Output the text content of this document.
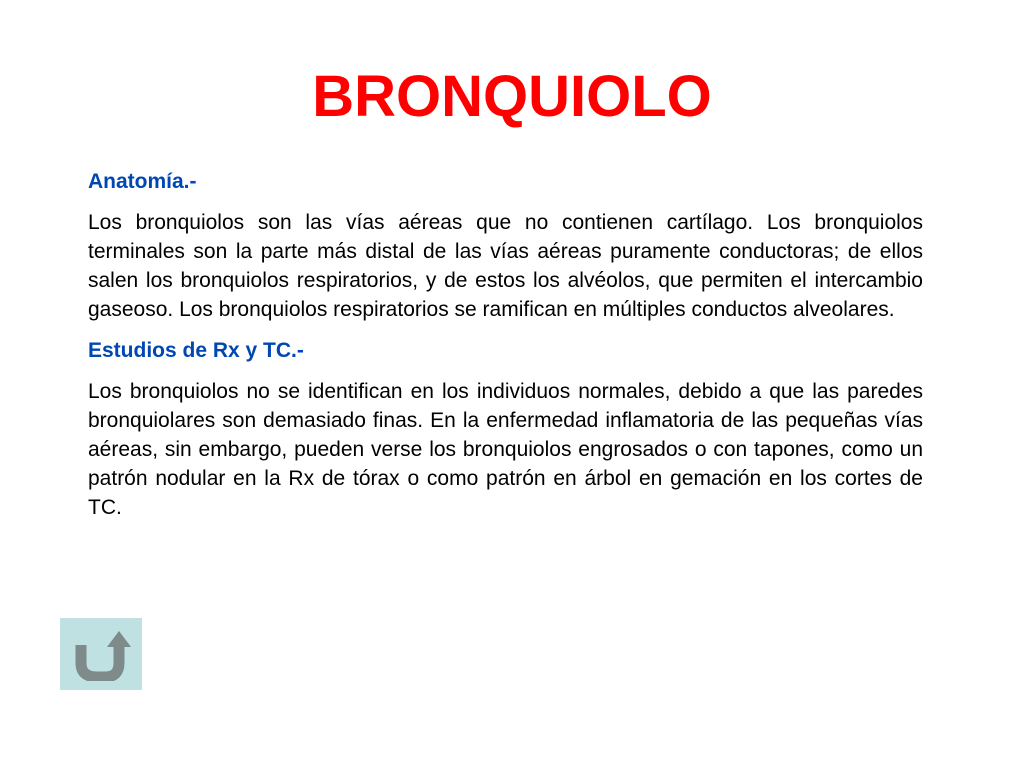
BRONQUIOLO
Anatomía.-

Los bronquiolos son las vías aéreas que no contienen cartílago. Los bronquiolos terminales son la parte más distal de las vías aéreas puramente conductoras; de ellos salen los bronquiolos respiratorios, y de estos los alvéolos, que permiten el intercambio gaseoso. Los bronquiolos respiratorios se ramifican en múltiples conductos alveolares.

Estudios de Rx y TC.-

Los bronquiolos no se identifican en los individuos normales, debido a que las paredes bronquiolares son demasiado finas. En la enfermedad inflamatoria de las pequeñas vías aéreas, sin embargo, pueden verse los bronquiolos engrosados o con tapones, como un patrón nodular en la Rx de tórax o como patrón en árbol en gemación en los cortes de TC.
